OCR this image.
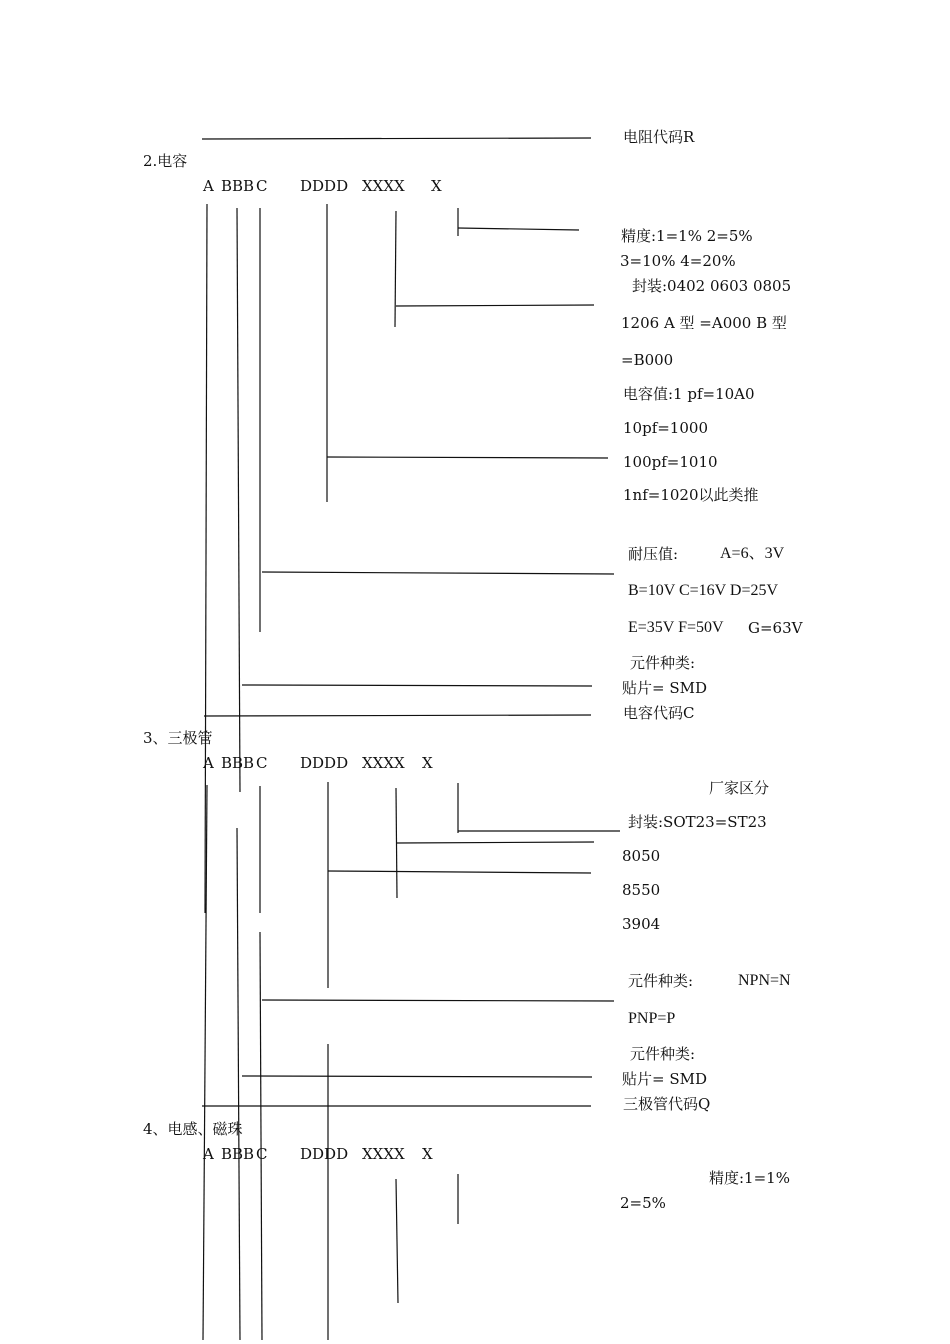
电阻代码R
2.电容
A BBB C DDDD XXXX X
精度:1=1% 2=5%
3=10% 4=20%
封装:0402 0603 0805
1206 A 型 =A000 B 型
=B000
电容值:1 pf=10A0
10pf=1000
100pf=1010
1nf=1020以此类推
耐压值:	A=6、3V
B=10V C=16V D=25V
E=35V F=50V G=63V
元件种类:
贴片= SMD
电容代码C
3、三极管
A BBB C DDDD XXXX X
厂家区分
封装:SOT23=ST23
8050
8550
3904
元件种类:	NPN=N
PNP=P
元件种类:
贴片= SMD
三极管代码Q
4、电感、磁珠
A BBB C DDDD XXXX X
精度:1=1%
2=5%
